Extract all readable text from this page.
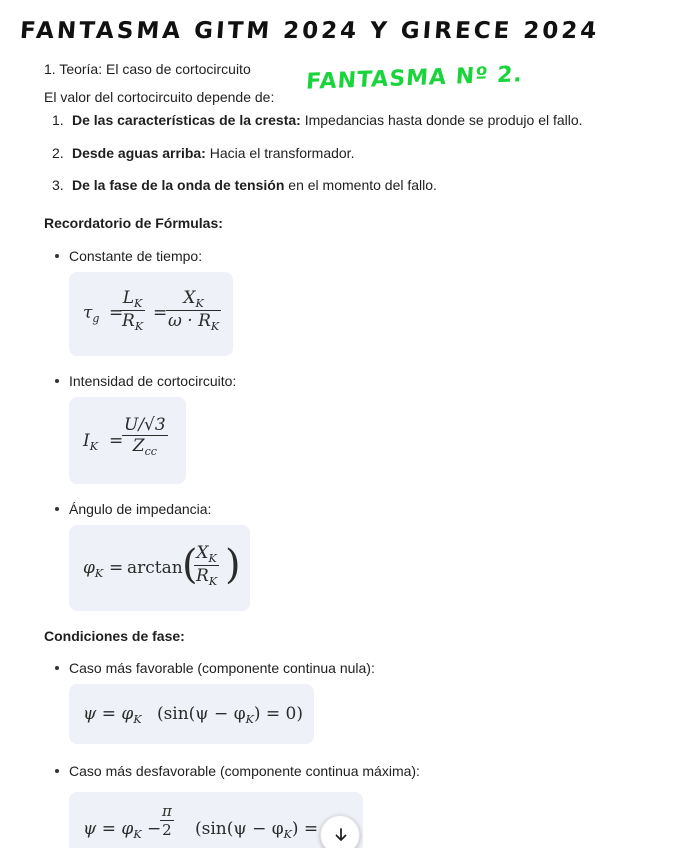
FANTASMA GITM 2024 Y GIRECE 2024
FANTASMA Nº 2.
1. Teoría: El caso de cortocircuito
El valor del cortocircuito depende de:
1. De las características de la cresta: Impedancias hasta donde se produjo el fallo.
2. Desde aguas arriba: Hacia el transformador.
3. De la fase de la onda de tensión en el momento del fallo.
Recordatorio de Fórmulas:
Constante de tiempo:
$\tau_g$ =
$\frac{L_K}{R_K}$ =
$\frac{X_K}{\omega \cdot R_K}$
Intensidad de cortocircuito:
$I_K$ =
U/√3
$Z_{cc}$
Ángulo de impedancia:
$\varphi_K = \arctan$ (
$\frac{X_K}{R_K}$ )
Condiciones de fase:
Caso más favorable (componente continua nula):
$\psi = \varphi_K$ $(\sin(\psi - \varphi_K) = 0)$
Caso más desfavorable (componente continua máxima):
$\psi = \varphi_K$ −
$\frac{\pi}{2} (\sin(\psi - \varphi_K)$ =
